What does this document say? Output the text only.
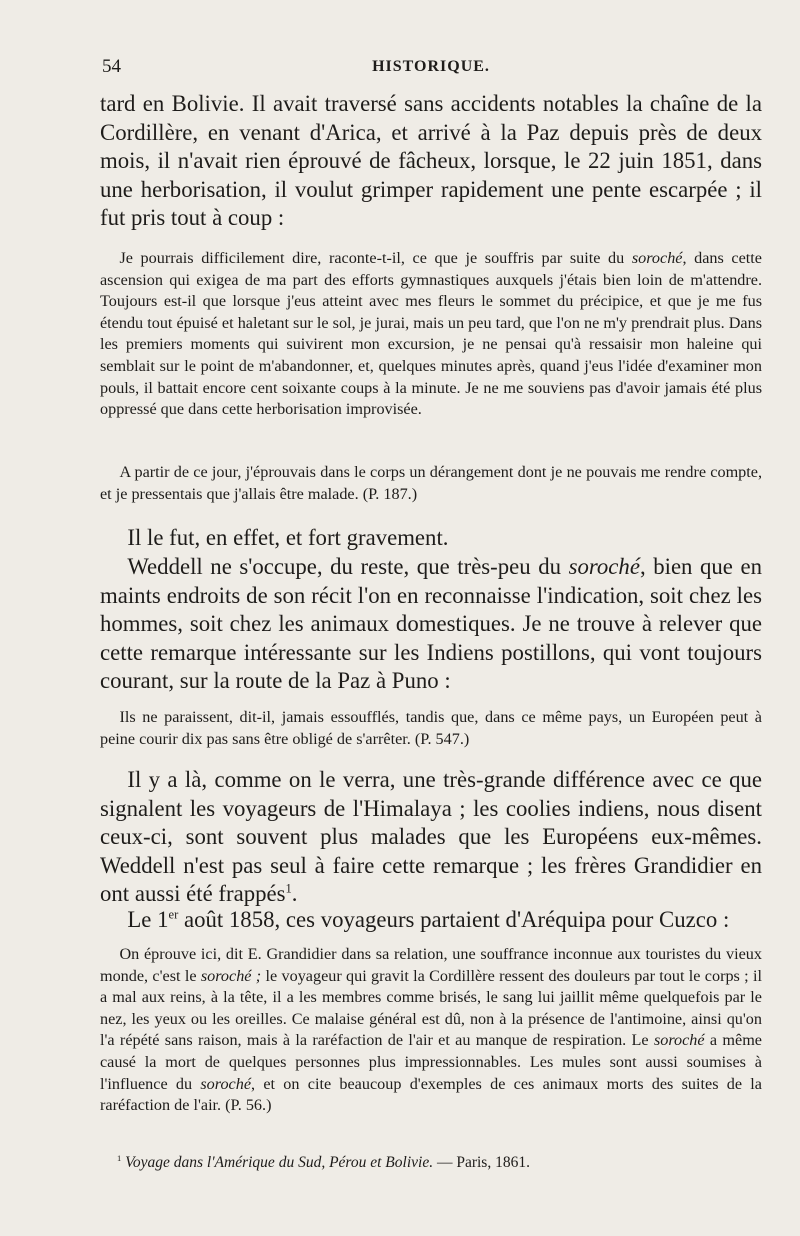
54	HISTORIQUE.

tard en Bolivie. Il avait traversé sans accidents notables la chaîne de la Cordillère, en venant d'Arica, et arrivé à la Paz depuis près de deux mois, il n'avait rien éprouvé de fâcheux, lorsque, le 22 juin 1851, dans une herborisation, il voulut grimper rapidement une pente escarpée ; il fut pris tout à coup :

Je pourrais difficilement dire, raconte-t-il, ce que je souffris par suite du soroché, dans cette ascension qui exigea de ma part des efforts gymnastiques auxquels j'étais bien loin de m'attendre. Toujours est-il que lorsque j'eus atteint avec mes fleurs le sommet du précipice, et que je me fus étendu tout épuisé et haletant sur le sol, je jurai, mais un peu tard, que l'on ne m'y prendrait plus. Dans les premiers moments qui suivirent mon excursion, je ne pensai qu'à ressaisir mon haleine qui semblait sur le point de m'abandonner, et, quelques minutes après, quand j'eus l'idée d'examiner mon pouls, il battait encore cent soixante coups à la minute. Je ne me souviens pas d'avoir jamais été plus oppressé que dans cette herborisation improvisée.

A partir de ce jour, j'éprouvais dans le corps un dérangement dont je ne pouvais me rendre compte, et je pressentais que j'allais être malade. (P. 187.)

Il le fut, en effet, et fort gravement.

Weddell ne s'occupe, du reste, que très-peu du soroché, bien que en maints endroits de son récit l'on en reconnaisse l'indication, soit chez les hommes, soit chez les animaux domestiques. Je ne trouve à relever que cette remarque intéressante sur les Indiens postillons, qui vont toujours courant, sur la route de la Paz à Puno :

Ils ne paraissent, dit-il, jamais essoufflés, tandis que, dans ce même pays, un Européen peut à peine courir dix pas sans être obligé de s'arrêter. (P. 547.)

Il y a là, comme on le verra, une très-grande différence avec ce que signalent les voyageurs de l'Himalaya ; les coolies indiens, nous disent ceux-ci, sont souvent plus malades que les Européens eux-mêmes. Weddell n'est pas seul à faire cette remarque ; les frères Grandidier en ont aussi été frappés$^1$.

Le 1er août 1858, ces voyageurs partaient d'Aréquipa pour Cuzco :

On éprouve ici, dit E. Grandidier dans sa relation, une souffrance inconnue aux touristes du vieux monde, c'est le soroché ; le voyageur qui gravit la Cordillère ressent des douleurs par tout le corps ; il a mal aux reins, à la tête, il a les membres comme brisés, le sang lui jaillit même quelquefois par le nez, les yeux ou les oreilles. Ce malaise général est dû, non à la présence de l'antimoine, ainsi qu'on l'a répété sans raison, mais à la raréfaction de l'air et au manque de respiration. Le soroché a même causé la mort de quelques personnes plus impressionnables. Les mules sont aussi soumises à l'influence du soroché, et on cite beaucoup d'exemples de ces animaux morts des suites de la raréfaction de l'air. (P. 56.)

$^1$ Voyage dans l'Amérique du Sud, Pérou et Bolivie. — Paris, 1861.
